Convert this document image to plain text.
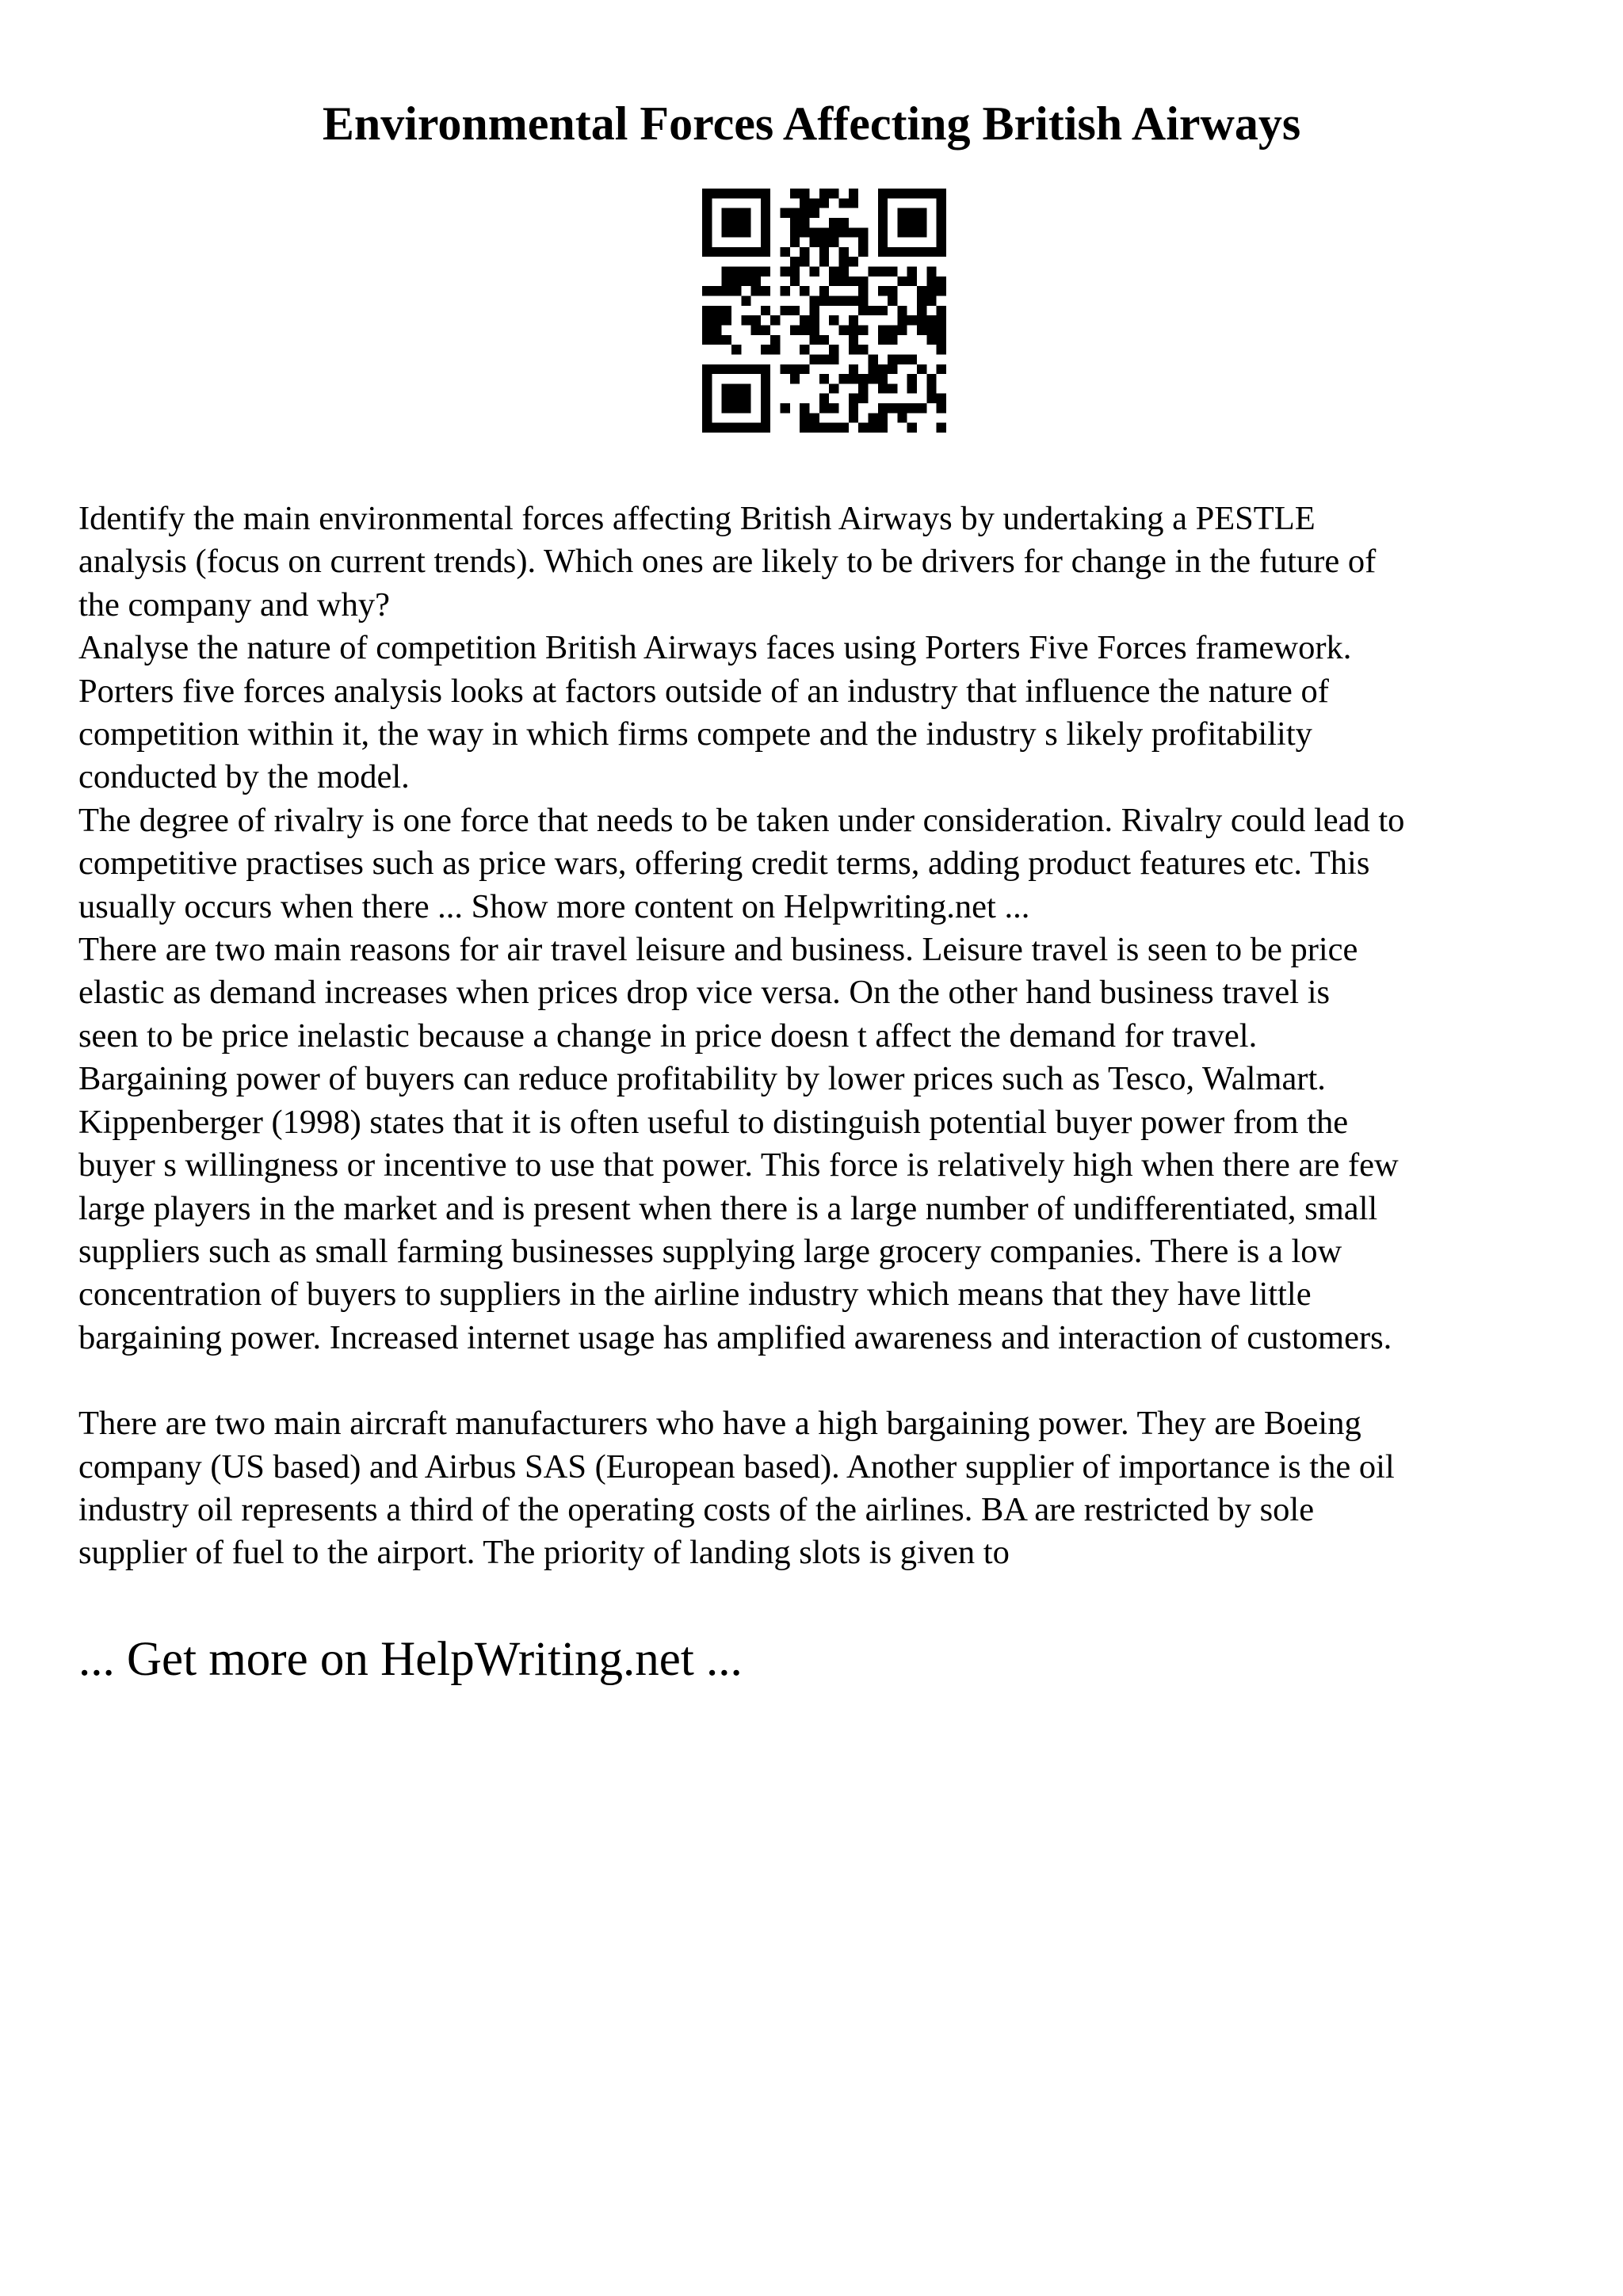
Environmental Forces Affecting British Airways

Identify the main environmental forces affecting British Airways by undertaking a PESTLE
analysis (focus on current trends). Which ones are likely to be drivers for change in the future of
the company and why?

Analyse the nature of competition British Airways faces using Porters Five Forces framework.
Porters five forces analysis looks at factors outside of an industry that influence the nature of
competition within it, the way in which firms compete and the industry s likely profitability
conducted by the model.

The degree of rivalry is one force that needs to be taken under consideration. Rivalry could lead to
competitive practises such as price wars, offering credit terms, adding product features etc. This
usually occurs when there ... Show more content on Helpwriting.net ...

There are two main reasons for air travel leisure and business. Leisure travel is seen to be price
elastic as demand increases when prices drop vice versa. On the other hand business travel is
seen to be price inelastic because a change in price doesn t affect the demand for travel.

Bargaining power of buyers can reduce profitability by lower prices such as Tesco, Walmart.
Kippenberger (1998) states that it is often useful to distinguish potential buyer power from the
buyer s willingness or incentive to use that power. This force is relatively high when there are few
large players in the market and is present when there is a large number of undifferentiated, small
suppliers such as small farming businesses supplying large grocery companies. There is a low
concentration of buyers to suppliers in the airline industry which means that they have little
bargaining power. Increased internet usage has amplified awareness and interaction of customers.

There are two main aircraft manufacturers who have a high bargaining power. They are Boeing
company (US based) and Airbus SAS (European based). Another supplier of importance is the oil
industry oil represents a third of the operating costs of the airlines. BA are restricted by sole
supplier of fuel to the airport. The priority of landing slots is given to

... Get more on HelpWriting.net ...
